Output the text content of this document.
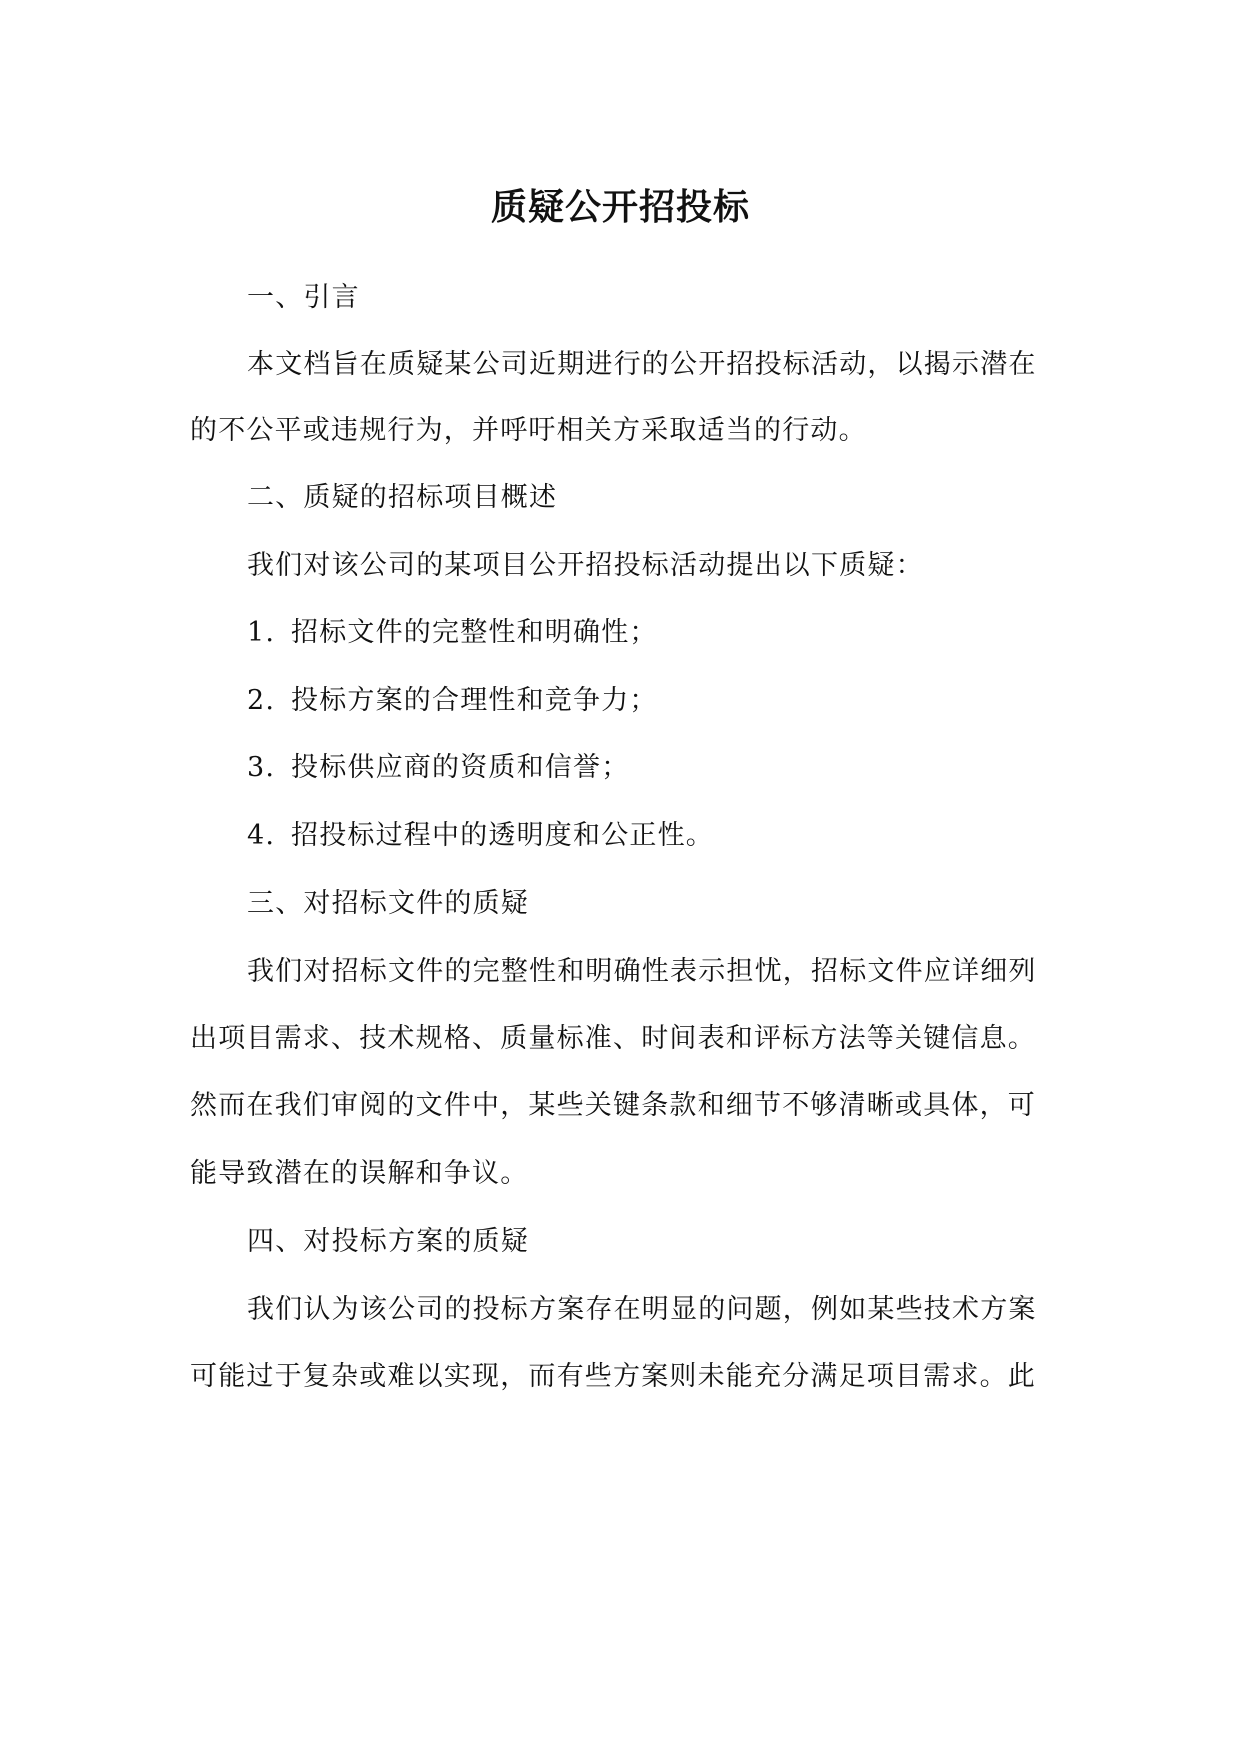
质疑公开招投标
一、引言
本文档旨在质疑某公司近期进行的公开招投标活动，以揭示潜在
的不公平或违规行为，并呼吁相关方采取适当的行动。
二、质疑的招标项目概述
我们对该公司的某项目公开招投标活动提出以下质疑：
1. 招标文件的完整性和明确性；
2. 投标方案的合理性和竞争力；
3. 投标供应商的资质和信誉；
4. 招投标过程中的透明度和公正性。
三、对招标文件的质疑
我们对招标文件的完整性和明确性表示担忧，招标文件应详细列
出项目需求、技术规格、质量标准、时间表和评标方法等关键信息。
然而在我们审阅的文件中，某些关键条款和细节不够清晰或具体，可
能导致潜在的误解和争议。
四、对投标方案的质疑
我们认为该公司的投标方案存在明显的问题，例如某些技术方案
可能过于复杂或难以实现，而有些方案则未能充分满足项目需求。此
